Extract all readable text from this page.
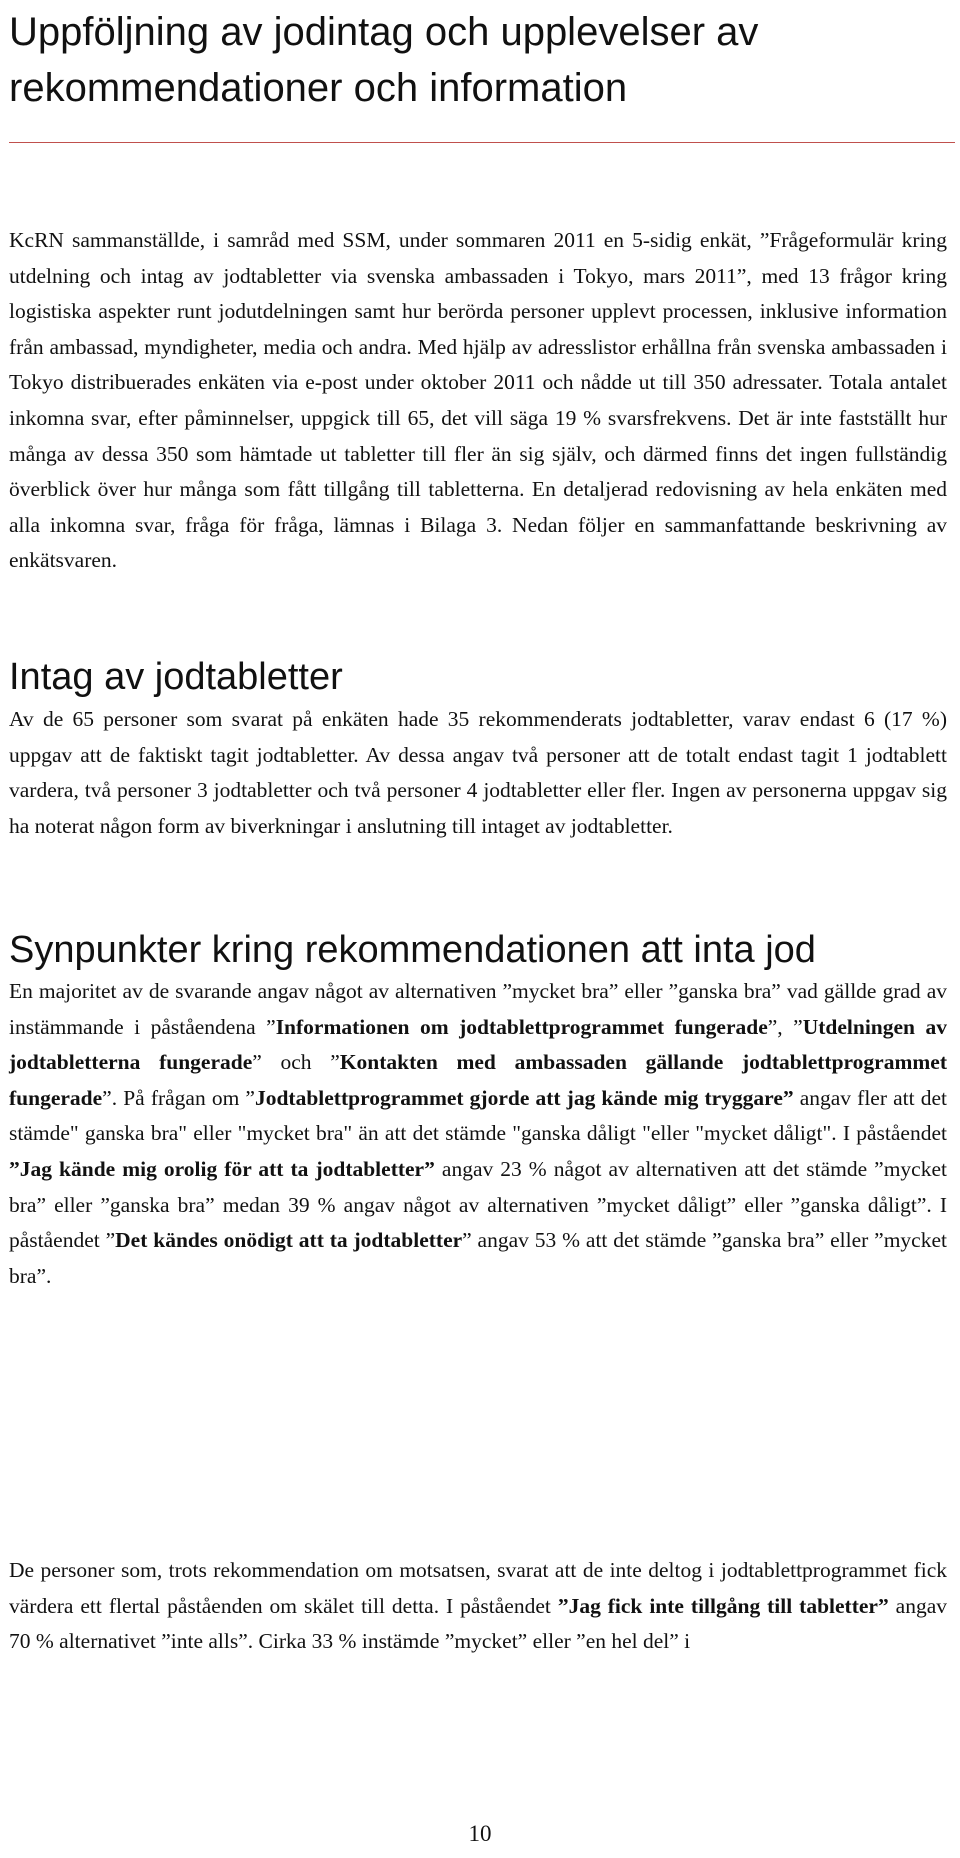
Uppföljning av jodintag och upplevelser av rekommendationer och information

KcRN sammanställde, i samråd med SSM, under sommaren 2011 en 5-sidig enkät, ”Frågeformulär kring utdelning och intag av jodtabletter via svenska ambassaden i Tokyo, mars 2011”, med 13 frågor kring logistiska aspekter runt jodutdelningen samt hur berörda personer upplevt processen, inklusive information från ambassad, myndigheter, media och andra. Med hjälp av adresslistor erhållna från svenska ambassaden i Tokyo distribuerades enkäten via e-post under oktober 2011 och nådde ut till 350 adressater. Totala antalet inkomna svar, efter påminnelser, uppgick till 65, det vill säga 19 % svarsfrekvens. Det är inte fastställt hur många av dessa 350 som hämtade ut tabletter till fler än sig själv, och därmed finns det ingen fullständig överblick över hur många som fått tillgång till tabletterna. En detaljerad redovisning av hela enkäten med alla inkomna svar, fråga för fråga, lämnas i Bilaga 3. Nedan följer en sammanfattande beskrivning av enkätsvaren.

Intag av jodtabletter

Av de 65 personer som svarat på enkäten hade 35 rekommenderats jodtabletter, varav endast 6 (17 %) uppgav att de faktiskt tagit jodtabletter. Av dessa angav två personer att de totalt endast tagit 1 jodtablett vardera, två personer 3 jodtabletter och två personer 4 jodtabletter eller fler. Ingen av personerna uppgav sig ha noterat någon form av biverkningar i anslutning till intaget av jodtabletter.

Synpunkter kring rekommendationen att inta jod

En majoritet av de svarande angav något av alternativen ”mycket bra” eller ”ganska bra” vad gällde grad av instämmande i påståendena ”Informationen om jodtablettprogrammet fungerade”, ”Utdelningen av jodtabletterna fungerade” och ”Kontakten med ambassaden gällande jodtablettprogrammet fungerade”. På frågan om ”Jodtablettprogrammet gjorde att jag kände mig tryggare” angav fler att det stämde" ganska bra" eller "mycket bra" än att det stämde "ganska dåligt "eller "mycket dåligt". I påståendet ”Jag kände mig orolig för att ta jodtabletter” angav 23 % något av alternativen att det stämde ”mycket bra” eller ”ganska bra” medan 39 % angav något av alternativen ”mycket dåligt” eller ”ganska dåligt”. I påståendet ”Det kändes onödigt att ta jodtabletter” angav 53 % att det stämde ”ganska bra” eller ”mycket bra”.

De personer som, trots rekommendation om motsatsen, svarat att de inte deltog i jodtablettprogrammet fick värdera ett flertal påståenden om skälet till detta. I påståendet ”Jag fick inte tillgång till tabletter” angav 70 % alternativet ”inte alls”. Cirka 33 % instämde ”mycket” eller ”en hel del” i

10
